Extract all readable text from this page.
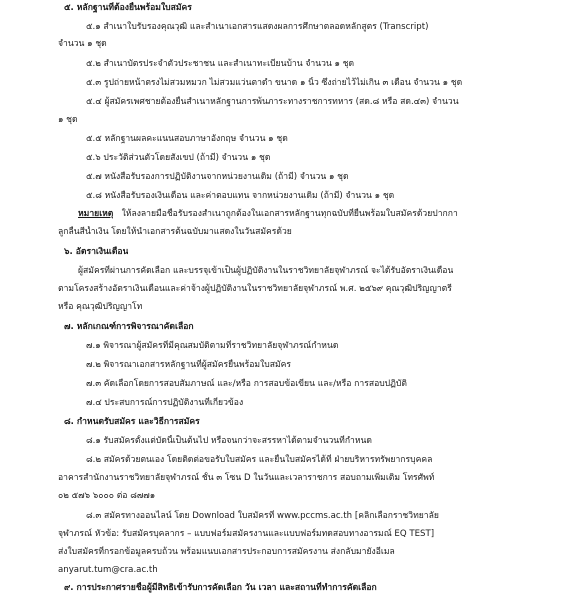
๕. หลักฐานที่ต้องยื่นพร้อมใบสมัคร
๕.๑ สำเนาใบรับรองคุณวุฒิ และสำเนาเอกสารแสดงผลการศึกษาตลอดหลักสูตร (Transcript)
จำนวน ๑ ชุด
๕.๒ สำเนาบัตรประจำตัวประชาชน และสำเนาทะเบียนบ้าน จำนวน ๑ ชุด
๕.๓ รูปถ่ายหน้าตรงไม่สวมหมวก ไม่สวมแว่นตาดำ ขนาด ๑ นิ้ว ซึ่งถ่ายไว้ไม่เกิน ๓ เดือน จำนวน ๑ ชุด
๕.๔ ผู้สมัครเพศชายต้องยื่นสำเนาหลักฐานการพ้นภาระทางราชการทหาร (สด.๘ หรือ สด.๔๓) จำนวน
๑ ชุด
๕.๕ หลักฐานผลคะแนนสอบภาษาอังกฤษ จำนวน ๑ ชุด
๕.๖ ประวัติส่วนตัวโดยสังเขป (ถ้ามี) จำนวน ๑ ชุด
๕.๗ หนังสือรับรองการปฏิบัติงานจากหน่วยงานเดิม (ถ้ามี) จำนวน ๑ ชุด
๕.๘ หนังสือรับรองเงินเดือน และค่าตอบแทน จากหน่วยงานเดิม (ถ้ามี) จำนวน ๑ ชุด
หมายเหตุ ให้ลงลายมือชื่อรับรองสำเนาถูกต้องในเอกสารหลักฐานทุกฉบับที่ยื่นพร้อมใบสมัครด้วยปากกา
ลูกลื่นสีน้ำเงิน โดยให้นำเอกสารต้นฉบับมาแสดงในวันสมัครด้วย
๖. อัตราเงินเดือน
ผู้สมัครที่ผ่านการคัดเลือก และบรรจุเข้าเป็นผู้ปฏิบัติงานในราชวิทยาลัยจุฬาภรณ์ จะได้รับอัตราเงินเดือน
ตามโครงสร้างอัตราเงินเดือนและค่าจ้างผู้ปฏิบัติงานในราชวิทยาลัยจุฬาภรณ์ พ.ศ. ๒๕๖๙ คุณวุฒิปริญญาตรี
หรือ คุณวุฒิปริญญาโท
๗. หลักเกณฑ์การพิจารณาคัดเลือก
๗.๑ พิจารณาผู้สมัครที่มีคุณสมบัติตามที่ราชวิทยาลัยจุฬาภรณ์กำหนด
๗.๒ พิจารณาเอกสารหลักฐานที่ผู้สมัครยื่นพร้อมใบสมัคร
๗.๓ คัดเลือกโดยการสอบสัมภาษณ์ และ/หรือ การสอบข้อเขียน และ/หรือ การสอบปฏิบัติ
๗.๔ ประสบการณ์การปฏิบัติงานที่เกี่ยวข้อง
๘. กำหนดรับสมัคร และวิธีการสมัคร
๘.๑ รับสมัครตั้งแต่บัดนี้เป็นต้นไป หรือจนกว่าจะสรรหาได้ตามจำนวนที่กำหนด
๘.๒ สมัครด้วยตนเอง โดยติดต่อขอรับใบสมัคร และยื่นใบสมัครได้ที่ ฝ่ายบริหารทรัพยากรบุคคล
อาคารสำนักงานราชวิทยาลัยจุฬาภรณ์ ชั้น ๓ โซน D ในวันและเวลาราชการ สอบถามเพิ่มเติม โทรศัพท์
๐๒ ๕๗๖ ๖๐๐๐ ต่อ ๘๗๗๑
๘.๓ สมัครทางออนไลน์ โดย Download ใบสมัครที่ www.pccms.ac.th [คลิกเลือกราชวิทยาลัย
จุฬาภรณ์ หัวข้อ: รับสมัครบุคลากร – แบบฟอร์มสมัครงานและแบบฟอร์มทดสอบทางอารมณ์ EQ TEST]
ส่งใบสมัครที่กรอกข้อมูลครบถ้วน พร้อมแนบเอกสารประกอบการสมัครงาน ส่งกลับมายังอีเมล
anyarut.tum@cra.ac.th
๙. การประกาศรายชื่อผู้มีสิทธิเข้ารับการคัดเลือก วัน เวลา และสถานที่ทำการคัดเลือก
